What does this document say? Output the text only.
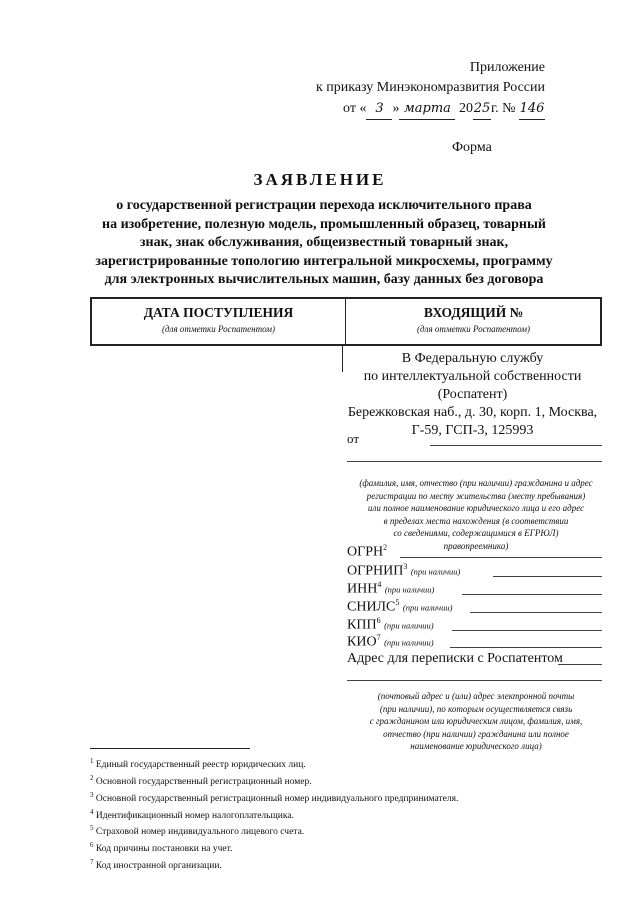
Приложение
к приказу Минэкономразвития России
от « 3 » марта 2025г. № 146
Форма
ЗАЯВЛЕНИЕ
о государственной регистрации перехода исключительного права
на изобретение, полезную модель, промышленный образец, товарный
знак, знак обслуживания, общеизвестный товарный знак,
зарегистрированные топологию интегральной микросхемы, программу
для электронных вычислительных машин, базу данных без договора
ДАТА ПОСТУПЛЕНИЯ
(для отметки Роспатентом)
ВХОДЯЩИЙ №
(для отметки Роспатентом)
В Федеральную службу
по интеллектуальной собственности
(Роспатент)
Бережковская наб., д. 30, корп. 1, Москва,
Г-59, ГСП-3, 125993
от
(фамилия, имя, отчество (при наличии) гражданина и адрес
регистрации по месту жительства (месту пребывания)
или полное наименование юридического лица и его адрес
в пределах места нахождения (в соответствии
со сведениями, содержащимися в ЕГРЮЛ)
правопреемника)
ОГРН$^2$
ОГРНИП$^3$ (при наличии)
ИНН$^4$ (при наличии)
СНИЛС$^5$ (при наличии)
КПП$^6$ (при наличии)
КИО$^7$ (при наличии)
Адрес для переписки с Роспатентом
(почтовый адрес и (или) адрес электронной почты
(при наличии), по которым осуществляется связь
с гражданином или юридическим лицом, фамилия, имя,
отчество (при наличии) гражданина или полное
наименование юридического лица)
$^1$ Единый государственный реестр юридических лиц.
$^2$ Основной государственный регистрационный номер.
$^3$ Основной государственный регистрационный номер индивидуального предпринимателя.
$^4$ Идентификационный номер налогоплательщика.
$^5$ Страховой номер индивидуального лицевого счета.
$^6$ Код причины постановки на учет.
$^7$ Код иностранной организации.
